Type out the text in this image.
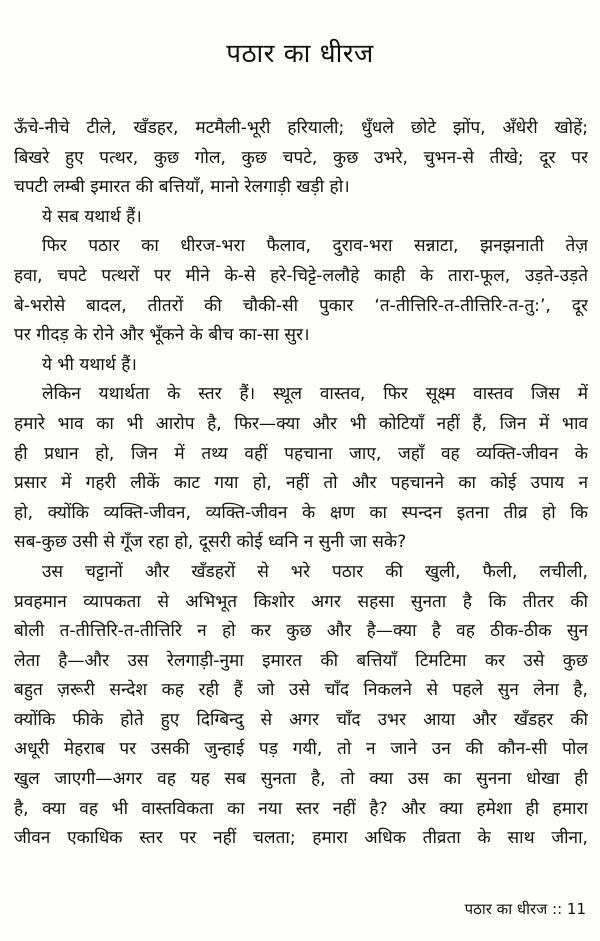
पठार का धीरज
ऊँचे-नीचे टीले, खँडहर, मटमैली-भूरी हरियाली; धुँधले छोटे झोंप, अँधेरी खोहें;
बिखरे हुए पत्थर, कुछ गोल, कुछ चपटे, कुछ उभरे, चुभन-से तीखे; दूर पर
चपटी लम्बी इमारत की बत्तियाँ, मानो रेलगाड़ी खड़ी हो।
ये सब यथार्थ हैं।
फिर पठार का धीरज-भरा फैलाव, दुराव-भरा सन्नाटा, झनझनाती तेज़
हवा, चपटे पत्थरों पर मीने के-से हरे-चिट्टे-ललौहे काही के तारा-फूल, उड़ते-उड़ते
बे-भरोसे बादल, तीतरों की चौकी-सी पुकार ‘त-तीत्तिरि-त-तीत्तिरि-त-तु:’, दूर
पर गीदड़ के रोने और भूँकने के बीच का-सा सुर।
ये भी यथार्थ हैं।
लेकिन यथार्थता के स्तर हैं। स्थूल वास्तव, फिर सूक्ष्म वास्तव जिस में
हमारे भाव का भी आरोप है, फिर—क्या और भी कोटियाँ नहीं हैं, जिन में भाव
ही प्रधान हो, जिन में तथ्य वहीं पहचाना जाए, जहाँ वह व्यक्ति-जीवन के
प्रसार में गहरी लीकें काट गया हो, नहीं तो और पहचानने का कोई उपाय न
हो, क्योंकि व्यक्ति-जीवन, व्यक्ति-जीवन के क्षण का स्पन्दन इतना तीव्र हो कि
सब-कुछ उसी से गूँज रहा हो, दूसरी कोई ध्वनि न सुनी जा सके?
उस चट्टानों और खँडहरों से भरे पठार की खुली, फैली, लचीली,
प्रवहमान व्यापकता से अभिभूत किशोर अगर सहसा सुनता है कि तीतर की
बोली त-तीत्तिरि-त-तीत्तिरि न हो कर कुछ और है—क्या है वह ठीक-ठीक सुन
लेता है—और उस रेलगाड़ी-नुमा इमारत की बत्तियाँ टिमटिमा कर उसे कुछ
बहुत ज़रूरी सन्देश कह रही हैं जो उसे चाँद निकलने से पहले सुन लेना है,
क्योंकि फीके होते हुए दिग्बिन्दु से अगर चाँद उभर आया और खँडहर की
अधूरी मेहराब पर उसकी जुन्हाई पड़ गयी, तो न जाने उन की कौन-सी पोल
खुल जाएगी—अगर वह यह सब सुनता है, तो क्या उस का सुनना धोखा ही
है, क्या वह भी वास्तविकता का नया स्तर नहीं है? और क्या हमेशा ही हमारा
जीवन एकाधिक स्तर पर नहीं चलता; हमारा अधिक तीव्रता के साथ जीना,
पठार का धीरज :: 11
